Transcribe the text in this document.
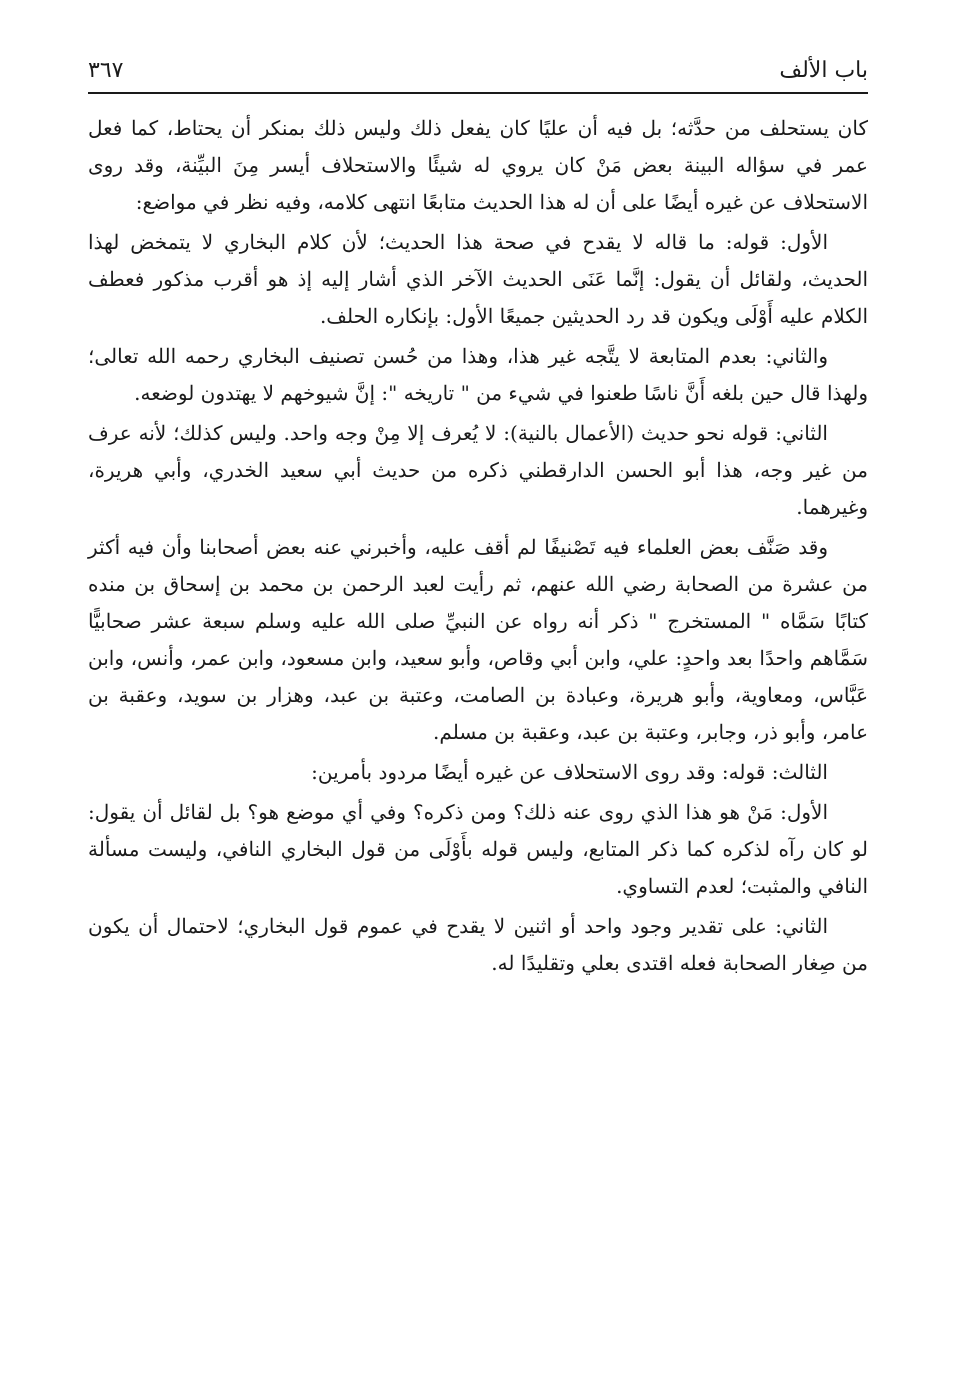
باب الألف
٣٦٧

كان يستحلف من حدَّثه؛ بل فيه أن عليًا كان يفعل ذلك وليس ذلك بمنكر أن يحتاط، كما فعل عمر في سؤاله البينة بعض مَنْ كان يروي له شيئًا والاستحلاف أيسر مِنَ البيِّنة، وقد روى الاستحلاف عن غيره أيضًا على أن له هذا الحديث متابعًا انتهى كلامه، وفيه نظر في مواضع:

الأول: قوله: ما قاله لا يقدح في صحة هذا الحديث؛ لأن كلام البخاري لا يتمخض لهذا الحديث، ولقائل أن يقول: إنَّما عَنَى الحديث الآخر الذي أشار إليه إذ هو أقرب مذكور فعطف الكلام عليه أَوْلَى ويكون قد رد الحديثين جميعًا الأول: بإنكاره الحلف.

والثاني: بعدم المتابعة لا يتَّجه غير هذا، وهذا من حُسن تصنيف البخاري رحمه الله تعالى؛ ولهذا قال حين بلغه أَنَّ ناسًا طعنوا في شيء من " تاريخه ": إنَّ شيوخهم لا يهتدون لوضعه.

الثاني: قوله نحو حديث (الأعمال بالنية): لا يُعرف إلا مِنْ وجه واحد. وليس كذلك؛ لأنه عرف من غير وجه، هذا أبو الحسن الدارقطني ذكره من حديث أبي سعيد الخدري، وأبي هريرة، وغيرهما.

وقد صَنَّف بعض العلماء فيه تَصْنيفًا لم أقف عليه، وأخبرني عنه بعض أصحابنا وأن فيه أكثر من عشرة من الصحابة رضي الله عنهم، ثم رأيت لعبد الرحمن بن محمد بن إسحاق بن منده كتابًا سَمَّاه " المستخرج " ذكر أنه رواه عن النبيِّ صلى الله عليه وسلم سبعة عشر صحابيًّا سَمَّاهم واحدًا بعد واحدٍ: علي، وابن أبي وقاص، وأبو سعيد، وابن مسعود، وابن عمر، وأنس، وابن عَبَّاس، ومعاوية، وأبو هريرة، وعبادة بن الصامت، وعتبة بن عبد، وهزار بن سويد، وعقبة بن عامر، وأبو ذر، وجابر، وعتبة بن عبد، وعقبة بن مسلم.

الثالث: قوله: وقد روى الاستحلاف عن غيره أيضًا مردود بأمرين:

الأول: مَنْ هو هذا الذي روى عنه ذلك؟ ومن ذكره؟ وفي أي موضع هو؟ بل لقائل أن يقول: لو كان رآه لذكره كما ذكر المتابع، وليس قوله بأَوْلَى من قول البخاري النافي، وليست مسألة النافي والمثبت؛ لعدم التساوي.

الثاني: على تقدير وجود واحد أو اثنين لا يقدح في عموم قول البخاري؛ لاحتمال أن يكون من صِغار الصحابة فعله اقتدى بعلي وتقليدًا له.
